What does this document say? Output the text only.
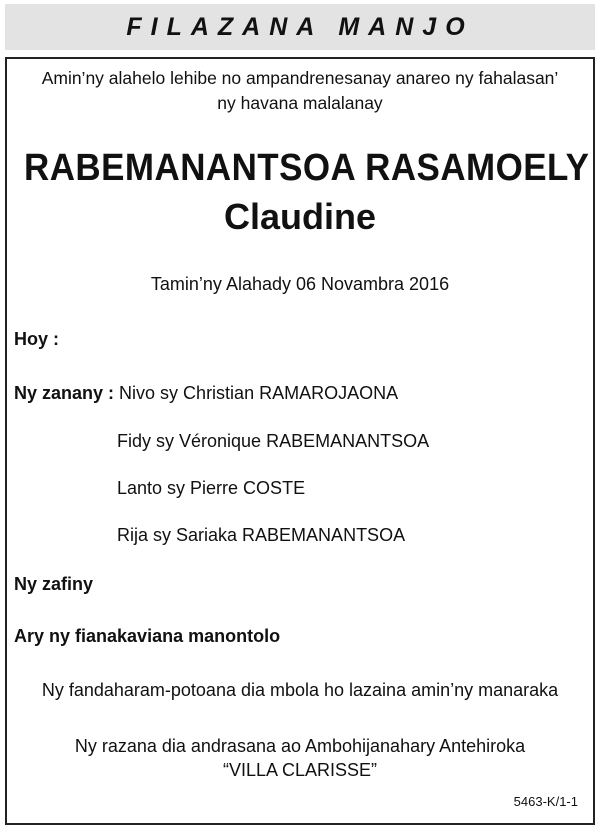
FILAZANA MANJO
Amin’ny alahelo lehibe no ampandrenesanay anareo ny fahalasan’
ny havana malalanay
RABEMANANTSOA RASAMOELY
Claudine
Tamin’ny Alahady 06 Novambra 2016
Hoy :
Ny zanany : Nivo sy Christian RAMAROJAONA
Fidy sy Véronique RABEMANANTSOA
Lanto sy Pierre COSTE
Rija sy Sariaka RABEMANANTSOA
Ny zafiny
Ary ny fianakaviana manontolo
Ny fandaharam-potoana dia mbola ho lazaina amin’ny manaraka
Ny razana dia andrasana ao Ambohijanahary Antehiroka
“VILLA CLARISSE”
5463-K/1-1
